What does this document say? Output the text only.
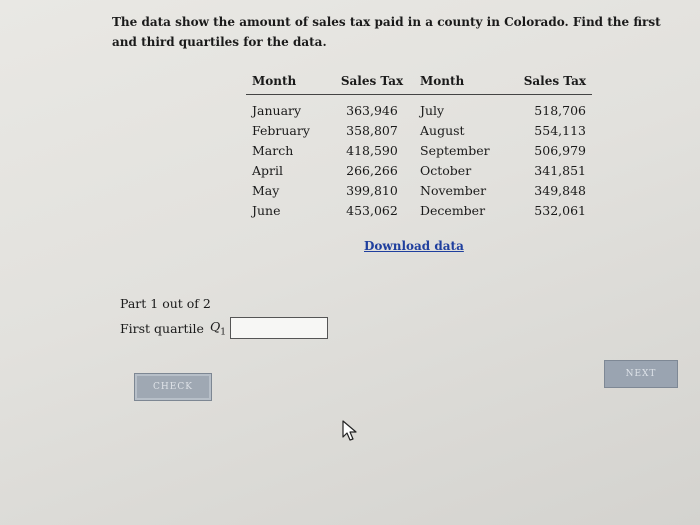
The data show the amount of sales tax paid in a county in Colorado. Find the first and third quartiles for the data.
Month	Sales Tax	Month	Sales Tax
January	363,946	July	518,706
February	358,807	August	554,113
March	418,590	September	506,979
April	266,266	October	341,851
May	399,810	November	349,848
June	453,062	December	532,061
Download data
Part 1 out of 2
First quartile $Q_1$
CHECK
NEXT
